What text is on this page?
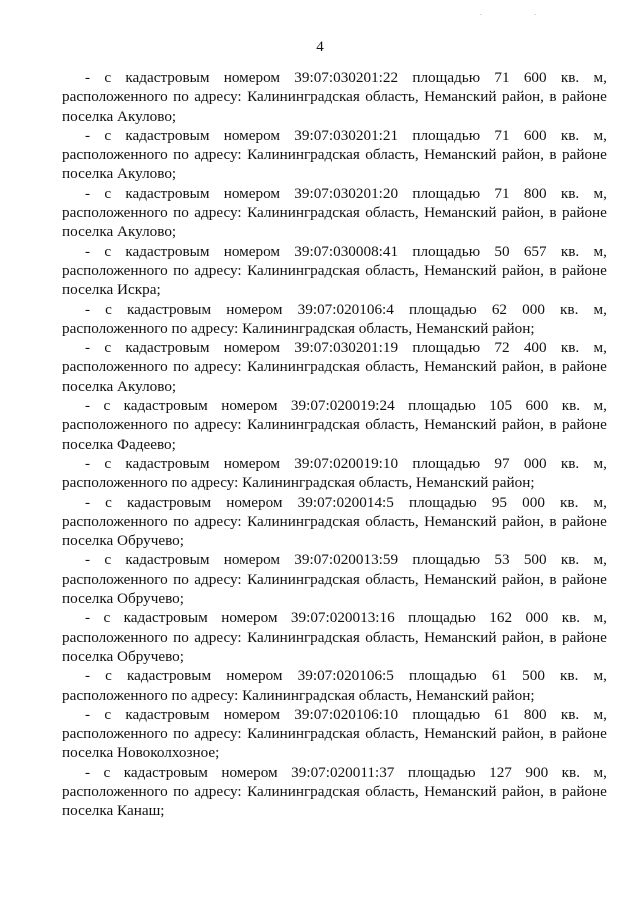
..
4
- с кадастровым номером 39:07:030201:22 площадью 71 600 кв. м,
расположенного по адресу: Калининградская область, Неманский район, в районе
поселка Акулово;
- с кадастровым номером 39:07:030201:21 площадью 71 600 кв. м,
расположенного по адресу: Калининградская область, Неманский район, в районе
поселка Акулово;
- с кадастровым номером 39:07:030201:20 площадью 71 800 кв. м,
расположенного по адресу: Калининградская область, Неманский район, в районе
поселка Акулово;
- с кадастровым номером 39:07:030008:41 площадью 50 657 кв. м,
расположенного по адресу: Калининградская область, Неманский район, в районе
поселка Искра;
- с кадастровым номером 39:07:020106:4 площадью 62 000 кв. м,
расположенного по адресу: Калининградская область, Неманский район;
- с кадастровым номером 39:07:030201:19 площадью 72 400 кв. м,
расположенного по адресу: Калининградская область, Неманский район, в районе
поселка Акулово;
- с кадастровым номером 39:07:020019:24 площадью 105 600 кв. м,
расположенного по адресу: Калининградская область, Неманский район, в районе
поселка Фадеево;
- с кадастровым номером 39:07:020019:10 площадью 97 000 кв. м,
расположенного по адресу: Калининградская область, Неманский район;
- с кадастровым номером 39:07:020014:5 площадью 95 000 кв. м,
расположенного по адресу: Калининградская область, Неманский район, в районе
поселка Обручево;
- с кадастровым номером 39:07:020013:59 площадью 53 500 кв. м,
расположенного по адресу: Калининградская область, Неманский район, в районе
поселка Обручево;
- с кадастровым номером 39:07:020013:16 площадью 162 000 кв. м,
расположенного по адресу: Калининградская область, Неманский район, в районе
поселка Обручево;
- с кадастровым номером 39:07:020106:5 площадью 61 500 кв. м,
расположенного по адресу: Калининградская область, Неманский район;
- с кадастровым номером 39:07:020106:10 площадью 61 800 кв. м,
расположенного по адресу: Калининградская область, Неманский район, в районе
поселка Новоколхозное;
- с кадастровым номером 39:07:020011:37 площадью 127 900 кв. м,
расположенного по адресу: Калининградская область, Неманский район, в районе
поселка Канаш;
